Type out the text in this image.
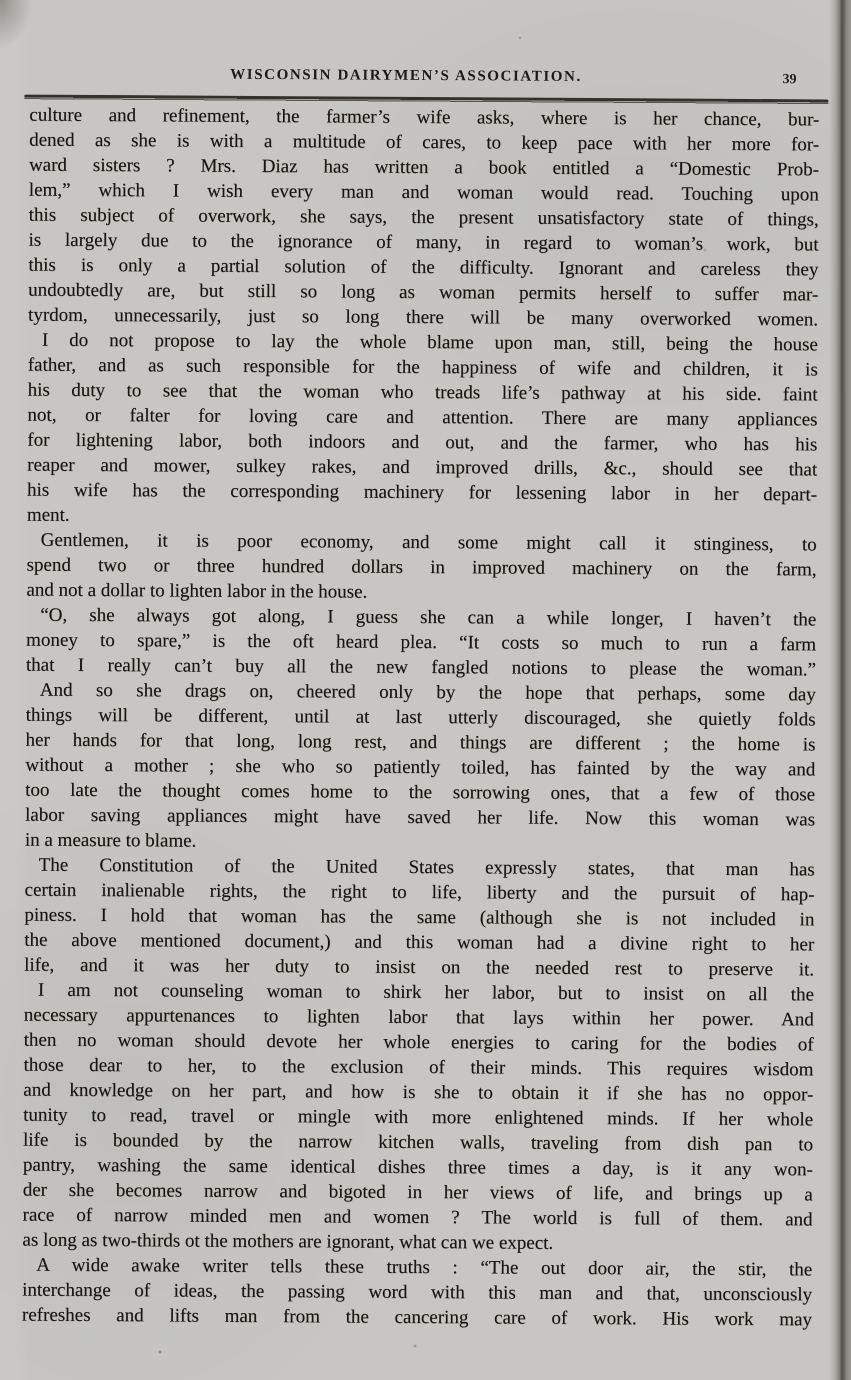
WISCONSIN DAIRYMEN’S ASSOCIATION.	39
culture and refinement, the farmer’s wife asks, where is her chance, bur-
dened as she is with a multitude of cares, to keep pace with her more for-
ward sisters ? Mrs. Diaz has written a book entitled a “Domestic Prob-
lem,” which I wish every man and woman would read. Touching upon
this subject of overwork, she says, the present unsatisfactory state of things,
is largely due to the ignorance of many, in regard to woman’s work, but
this is only a partial solution of the difficulty. Ignorant and careless they
undoubtedly are, but still so long as woman permits herself to suffer mar-
tyrdom, unnecessarily, just so long there will be many overworked women.
I do not propose to lay the whole blame upon man, still, being the house
father, and as such responsible for the happiness of wife and children, it is
his duty to see that the woman who treads life’s pathway at his side. faint
not, or falter for loving care and attention. There are many appliances
for lightening labor, both indoors and out, and the farmer, who has his
reaper and mower, sulkey rakes, and improved drills, &c., should see that
his wife has the corresponding machinery for lessening labor in her depart-
ment.
Gentlemen, it is poor economy, and some might call it stinginess, to
spend two or three hundred dollars in improved machinery on the farm,
and not a dollar to lighten labor in the house.
“O, she always got along, I guess she can a while longer, I haven’t the
money to spare,” is the oft heard plea. “It costs so much to run a farm
that I really can’t buy all the new fangled notions to please the woman.”
And so she drags on, cheered only by the hope that perhaps, some day
things will be different, until at last utterly discouraged, she quietly folds
her hands for that long, long rest, and things are different ; the home is
without a mother ; she who so patiently toiled, has fainted by the way and
too late the thought comes home to the sorrowing ones, that a few of those
labor saving appliances might have saved her life. Now this woman was
in a measure to blame.
The Constitution of the United States expressly states, that man has
certain inalienable rights, the right to life, liberty and the pursuit of hap-
piness. I hold that woman has the same (although she is not included in
the above mentioned document,) and this woman had a divine right to her
life, and it was her duty to insist on the needed rest to preserve it.
I am not counseling woman to shirk her labor, but to insist on all the
necessary appurtenances to lighten labor that lays within her power. And
then no woman should devote her whole energies to caring for the bodies of
those dear to her, to the exclusion of their minds. This requires wisdom
and knowledge on her part, and how is she to obtain it if she has no oppor-
tunity to read, travel or mingle with more enlightened minds. If her whole
life is bounded by the narrow kitchen walls, traveling from dish pan to
pantry, washing the same identical dishes three times a day, is it any won-
der she becomes narrow and bigoted in her views of life, and brings up a
race of narrow minded men and women ? The world is full of them. and
as long as two-thirds ot the mothers are ignorant, what can we expect.
A wide awake writer tells these truths : “The out door air, the stir, the
interchange of ideas, the passing word with this man and that, unconsciously
refreshes and lifts man from the cancering care of work. His work may
